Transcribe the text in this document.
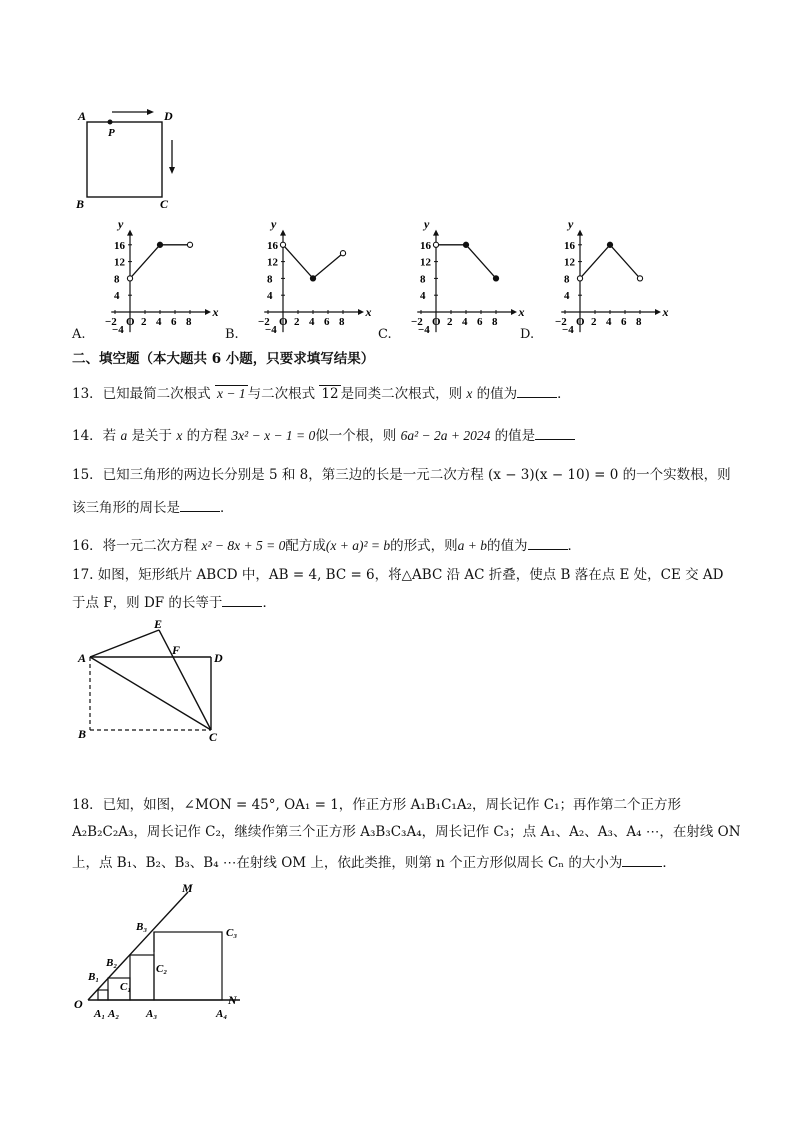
A
P
D
B	C
y
x
16
12
8
4
−4
−2 O 2 4 6 8
y
x
16
12
8
4
−4
−2 O 2 4 6 8
y
x
16
12
8
4
−4
−2 O 2 4 6 8
y
x
16
12
8
4
−4
−2 O 2 4 6 8
A.	B.	C.	D.
二、填空题（本大题共 6 小题，只要求填写结果）
13．已知最简二次根式 x − 1 与二次根式 12 是同类二次根式，则 x 的值为	．
14．若 a 是关于 x 的方程 3x² − x − 1 = 0似一个根，则 6a² − 2a + 2024 的值是
15．已知三角形的两边长分别是 5 和 8，第三边的长是一元二次方程 (x − 3)(x − 10) = 0 的一个实数根，则
该三角形的周长是	．
16．将一元二次方程 x² − 8x + 5 = 0配方成(x + a)² = b的形式，则a + b的值为	．
17. 如图，矩形纸片 ABCD 中，AB = 4, BC = 6，将△ABC 沿 AC 折叠，使点 B 落在点 E 处，CE 交 AD
于点 F，则 DF 的长等于	．
E
F
A	D
B	C
18．已知，如图，∠MON = 45°, OA₁ = 1，作正方形 A₁B₁C₁A₂，周长记作 C₁；再作第二个正方形
A₂B₂C₂A₃，周长记作 C₂，继续作第三个正方形 A₃B₃C₃A₄，周长记作 C₃；点 A₁、A₂、A₃、A₄ ⋯，在射线 ON
上，点 B₁、B₂、B₃、B₄ ⋯在射线 OM 上，依此类推，则第 n 个正方形似周长 Cₙ 的大小为	．
M
N
O
A₁ A₂ A₃	A₄
B₁
B₂
B₃
C₁
C₂
C₃
